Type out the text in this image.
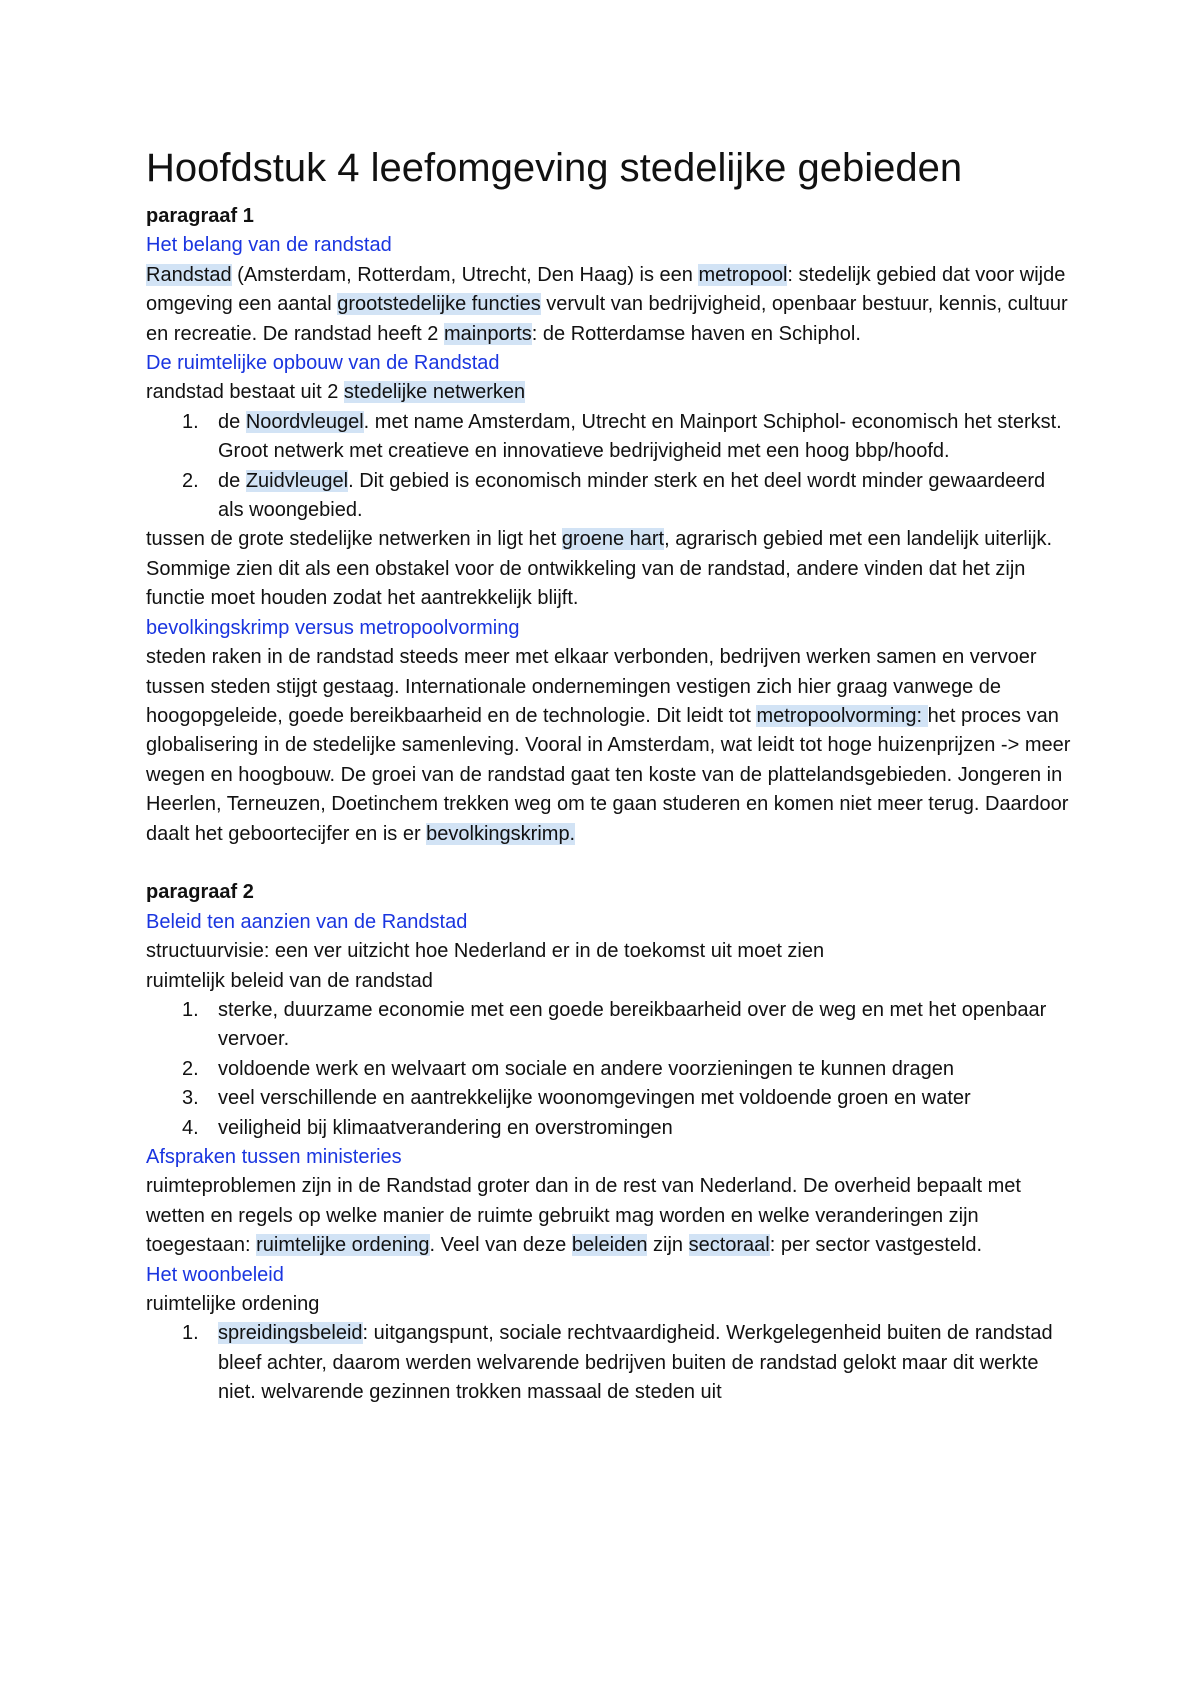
Hoofdstuk 4 leefomgeving stedelijke gebieden

paragraaf 1

Het belang van de randstad

Randstad (Amsterdam, Rotterdam, Utrecht, Den Haag) is een metropool: stedelijk gebied dat voor wijde omgeving een aantal grootstedelijke functies vervult van bedrijvigheid, openbaar bestuur, kennis, cultuur en recreatie. De randstad heeft 2 mainports: de Rotterdamse haven en Schiphol.

De ruimtelijke opbouw van de Randstad

randstad bestaat uit 2 stedelijke netwerken

1. de Noordvleugel. met name Amsterdam, Utrecht en Mainport Schiphol- economisch het sterkst. Groot netwerk met creatieve en innovatieve bedrijvigheid met een hoog bbp/hoofd.
2. de Zuidvleugel. Dit gebied is economisch minder sterk en het deel wordt minder gewaardeerd als woongebied.

tussen de grote stedelijke netwerken in ligt het groene hart, agrarisch gebied met een landelijk uiterlijk. Sommige zien dit als een obstakel voor de ontwikkeling van de randstad, andere vinden dat het zijn functie moet houden zodat het aantrekkelijk blijft.

bevolkingskrimp versus metropoolvorming

steden raken in de randstad steeds meer met elkaar verbonden, bedrijven werken samen en vervoer tussen steden stijgt gestaag. Internationale ondernemingen vestigen zich hier graag vanwege de hoogopgeleide, goede bereikbaarheid en de technologie. Dit leidt tot metropoolvorming: het proces van globalisering in de stedelijke samenleving. Vooral in Amsterdam, wat leidt tot hoge huizenprijzen -> meer wegen en hoogbouw. De groei van de randstad gaat ten koste van de plattelandsgebieden. Jongeren in Heerlen, Terneuzen, Doetinchem trekken weg om te gaan studeren en komen niet meer terug. Daardoor daalt het geboortecijfer en is er bevolkingskrimp.

paragraaf 2

Beleid ten aanzien van de Randstad

structuurvisie: een ver uitzicht hoe Nederland er in de toekomst uit moet zien

ruimtelijk beleid van de randstad

1. sterke, duurzame economie met een goede bereikbaarheid over de weg en met het openbaar vervoer.
2. voldoende werk en welvaart om sociale en andere voorzieningen te kunnen dragen
3. veel verschillende en aantrekkelijke woonomgevingen met voldoende groen en water
4. veiligheid bij klimaatverandering en overstromingen

Afspraken tussen ministeries

ruimteproblemen zijn in de Randstad groter dan in de rest van Nederland. De overheid bepaalt met wetten en regels op welke manier de ruimte gebruikt mag worden en welke veranderingen zijn toegestaan: ruimtelijke ordening. Veel van deze beleiden zijn sectoraal: per sector vastgesteld.

Het woonbeleid

ruimtelijke ordening

1. spreidingsbeleid: uitgangspunt, sociale rechtvaardigheid. Werkgelegenheid buiten de randstad bleef achter, daarom werden welvarende bedrijven buiten de randstad gelokt maar dit werkte niet. welvarende gezinnen trokken massaal de steden uit
